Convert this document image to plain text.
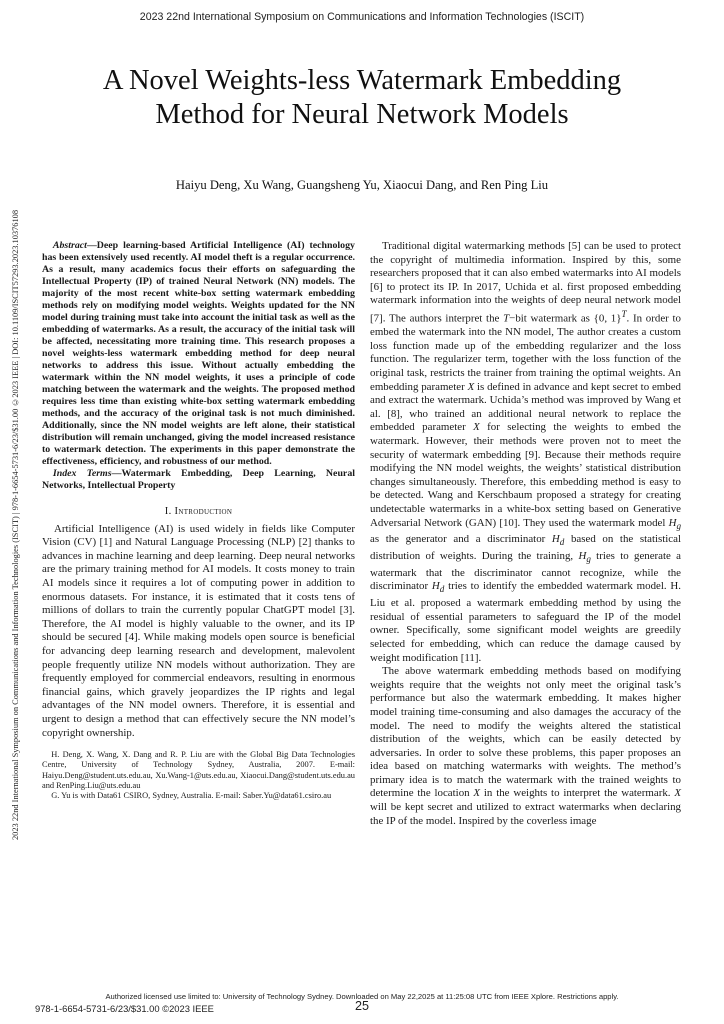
2023 22nd International Symposium on Communications and Information Technologies (ISCIT)
2023 22nd International Symposium on Communications and Information Technologies (ISCIT) | 978-1-6654-5731-6/23/$31.00 ©2023 IEEE | DOI: 10.1109/ISCIT57293.2023.10376108
A Novel Weights-less Watermark Embedding Method for Neural Network Models
Haiyu Deng, Xu Wang, Guangsheng Yu, Xiaocui Dang, and Ren Ping Liu

Abstract—Deep learning-based Artificial Intelligence (AI) technology has been extensively used recently. AI model theft is a regular occurrence. As a result, many academics focus their efforts on safeguarding the Intellectual Property (IP) of trained Neural Network (NN) models. The majority of the most recent white-box setting watermark embedding methods rely on modifying model weights. Weights updated for the NN model during training must take into account the initial task as well as the embedding of watermarks. As a result, the accuracy of the initial task will be affected, necessitating more training time. This research proposes a novel weights-less watermark embedding method for deep neural networks to address this issue. Without actually embedding the watermark within the NN model weights, it uses a principle of code matching between the watermark and the weights. The proposed method requires less time than existing white-box setting watermark embedding methods, and the accuracy of the original task is not much diminished. Additionally, since the NN model weights are left alone, their statistical distribution will remain unchanged, giving the model increased resistance to watermark detection. The experiments in this paper demonstrate the effectiveness, efficiency, and robustness of our method.

Index Terms—Watermark Embedding, Deep Learning, Neural Networks, Intellectual Property

I. Introduction

Artificial Intelligence (AI) is used widely in fields like Computer Vision (CV) [1] and Natural Language Processing (NLP) [2] thanks to advances in machine learning and deep learning. Deep neural networks are the primary training method for AI models. It costs money to train AI models since it requires a lot of computing power in addition to enormous datasets. For instance, it is estimated that it costs tens of millions of dollars to train the currently popular ChatGPT model [3]. Therefore, the AI model is highly valuable to the owner, and its IP should be secured [4]. While making models open source is beneficial for advancing deep learning research and development, malevolent people frequently utilize NN models without authorization. They are frequently employed for commercial endeavors, resulting in enormous financial gains, which gravely jeopardizes the IP rights and legal advantages of the NN model owners. Therefore, it is essential and urgent to design a method that can effectively secure the NN model’s copyright ownership.

H. Deng, X. Wang, X. Dang and R. P. Liu are with the Global Big Data Technologies Centre, University of Technology Sydney, Australia, 2007. E-mail: Haiyu.Deng@student.uts.edu.au, Xu.Wang-1@uts.edu.au, Xiaocui.Dang@student.uts.edu.au and RenPing.Liu@uts.edu.au

G. Yu is with Data61 CSIRO, Sydney, Australia. E-mail: Saber.Yu@data61.csiro.au

Traditional digital watermarking methods [5] can be used to protect the copyright of multimedia information. Inspired by this, some researchers proposed that it can also embed watermarks into AI models [6] to protect its IP. In 2017, Uchida et al. first proposed embedding watermark information into the weights of deep neural network model [7]. The authors interpret the T−bit watermark as {0, 1}$^T$. In order to embed the watermark into the NN model, The author creates a custom loss function made up of the embedding regularizer and the loss function. The regularizer term, together with the loss function of the original task, restricts the trainer from training the optimal weights. An embedding parameter X is defined in advance and kept secret to embed and extract the watermark. Uchida’s method was improved by Wang et al. [8], who trained an additional neural network to replace the embedded parameter X for selecting the weights to embed the watermark. However, their methods were proven not to meet the security of watermark embedding [9]. Because their methods require modifying the NN model weights, the weights’ statistical distribution changes simultaneously. Therefore, this embedding method is easy to be detected. Wang and Kerschbaum proposed a strategy for creating undetectable watermarks in a white-box setting based on Generative Adversarial Network (GAN) [10]. They used the watermark model $H_g$ as the generator and a discriminator $H_d$ based on the statistical distribution of weights. During the training, $H_g$ tries to generate a watermark that the discriminator cannot recognize, while the discriminator $H_d$ tries to identify the embedded watermark model. H. Liu et al. proposed a watermark embedding method by using the residual of essential parameters to safeguard the IP of the model owner. Specifically, some significant model weights are greedily selected for embedding, which can reduce the damage caused by weight modification [11].

The above watermark embedding methods based on modifying weights require that the weights not only meet the original task’s performance but also the watermark embedding. It makes higher model training time-consuming and also damages the accuracy of the model. The need to modify the weights altered the statistical distribution of the weights, which can be easily detected by adversaries. In order to solve these problems, this paper proposes an idea based on matching watermarks with weights. The method’s primary idea is to match the watermark with the trained weights to determine the location X in the weights to interpret the watermark. X will be kept secret and utilized to extract watermarks when declaring the IP of the model. Inspired by the coverless image

Authorized licensed use limited to: University of Technology Sydney. Downloaded on May 22,2025 at 11:25:08 UTC from IEEE Xplore. Restrictions apply.
978-1-6654-5731-6/23/$31.00 ©2023 IEEE	25
